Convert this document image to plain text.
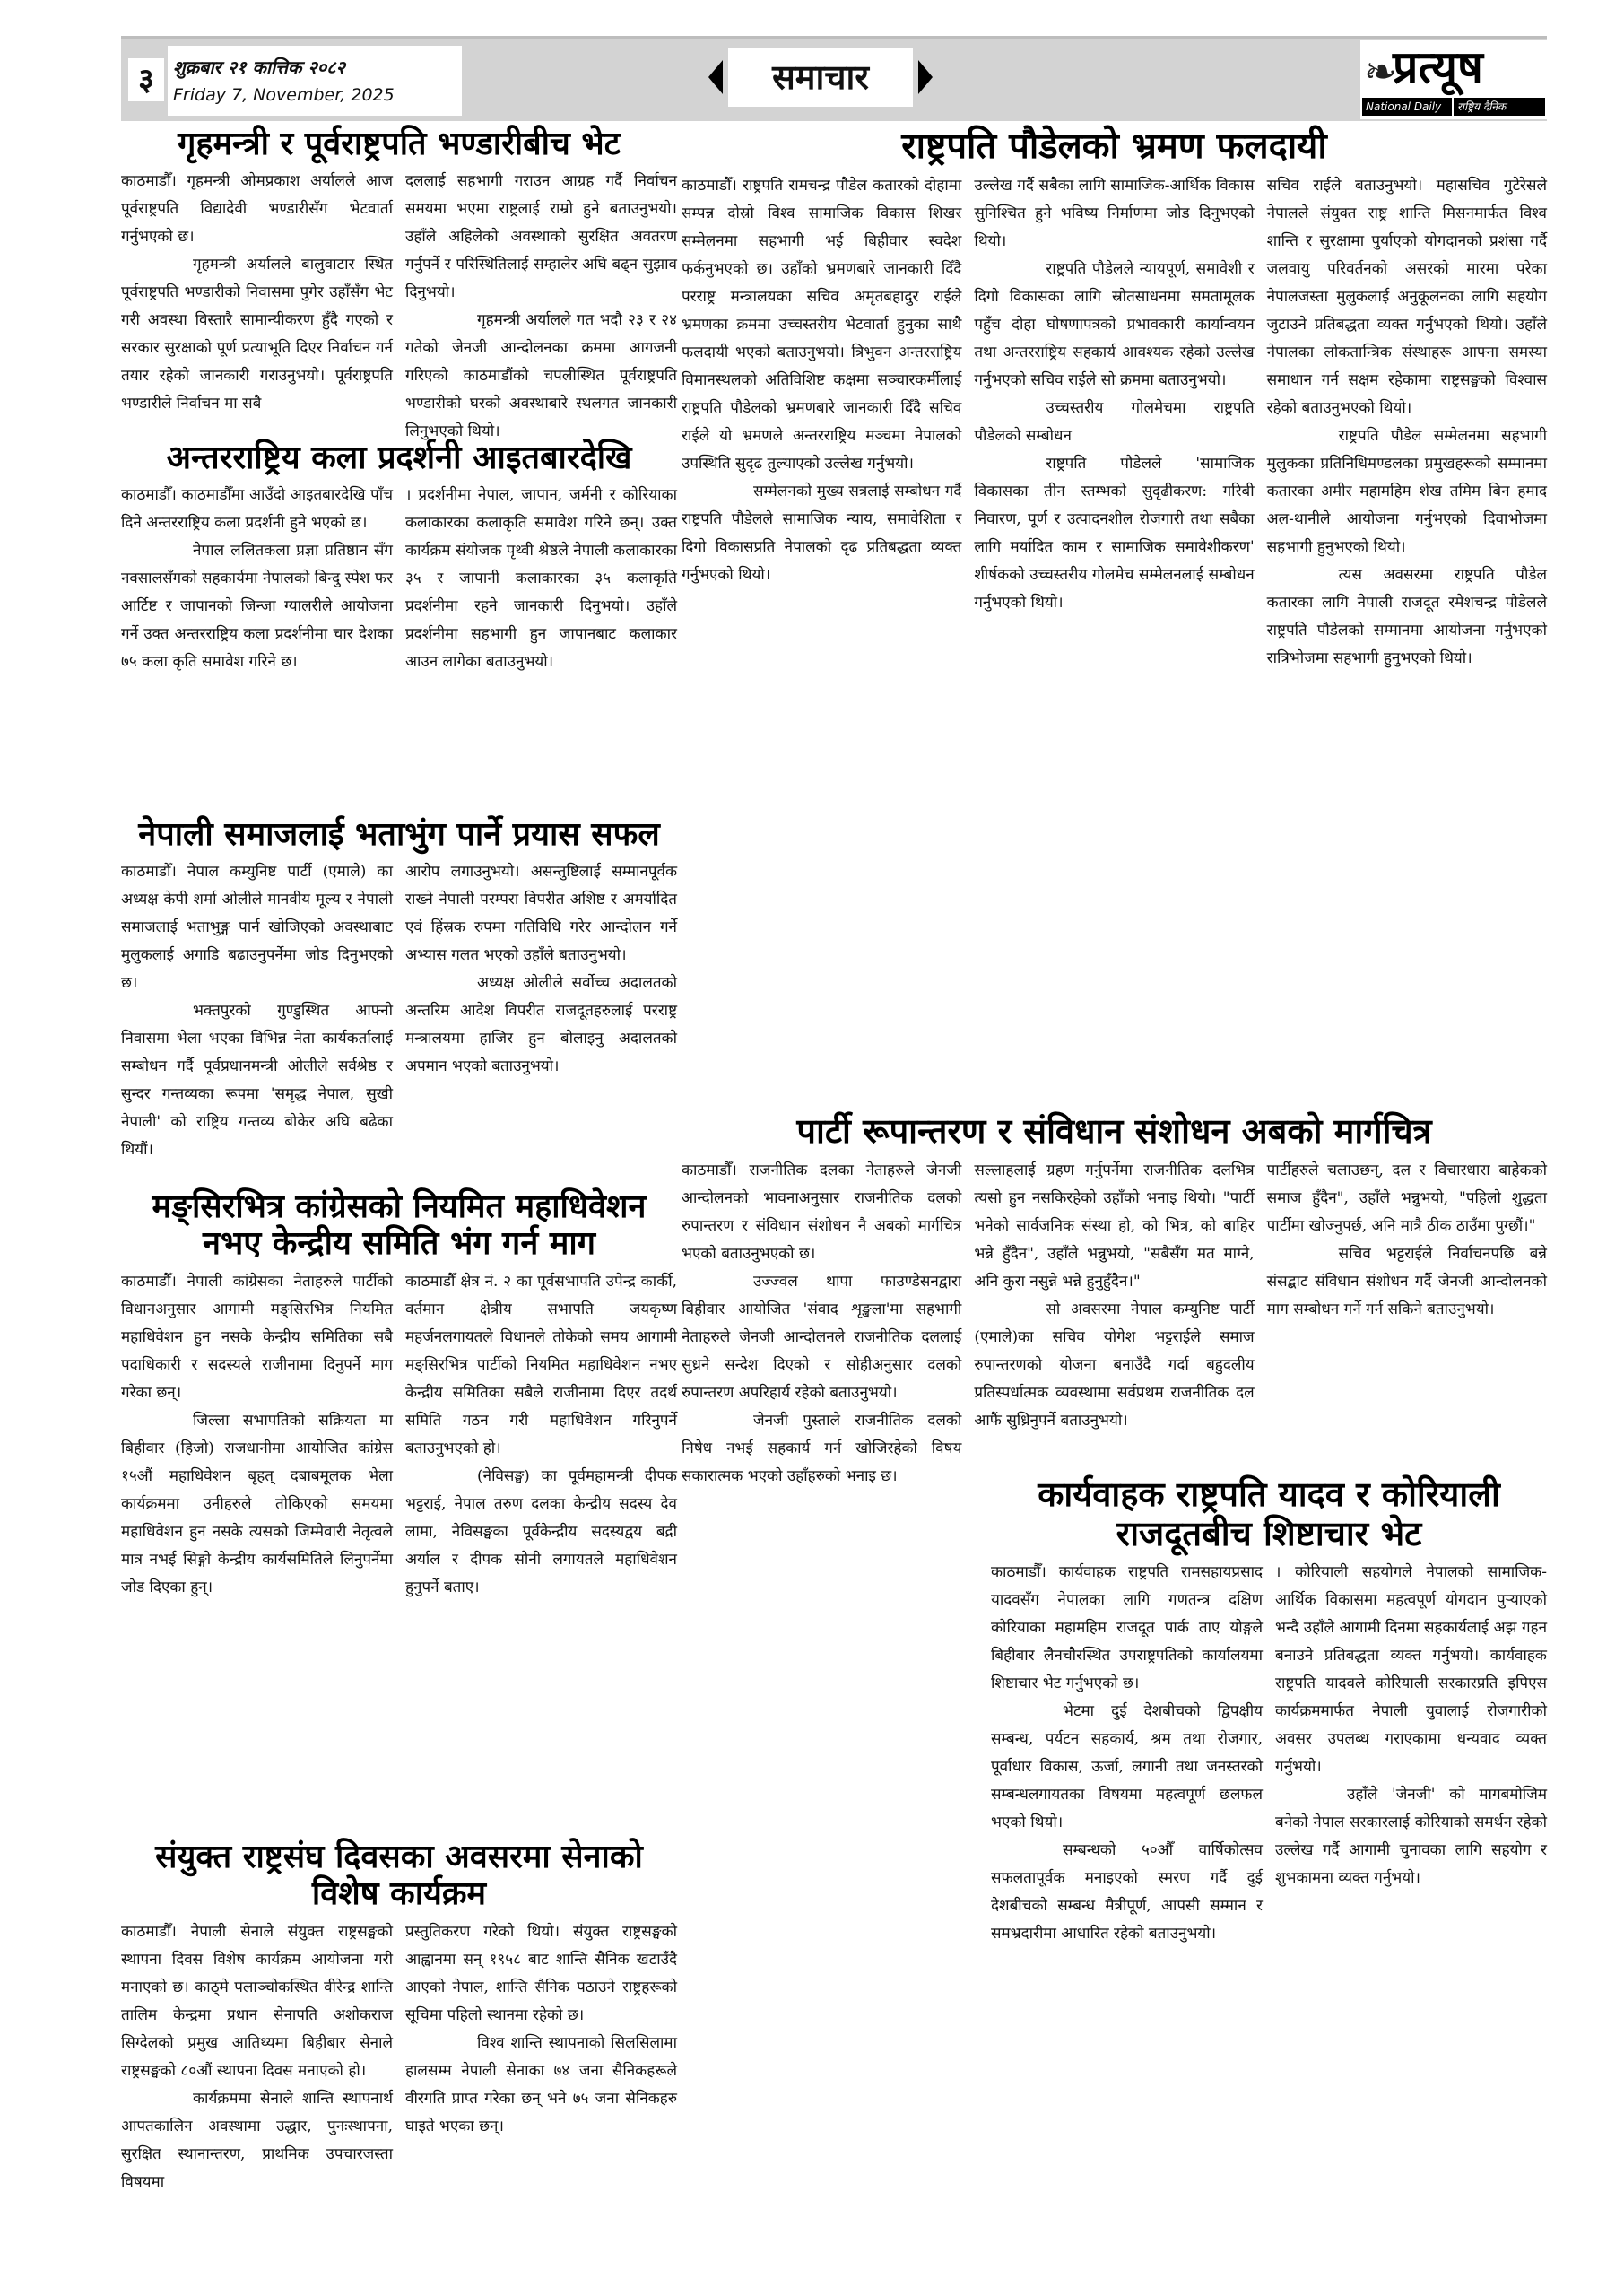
३	शुक्रबार २१ कात्तिक २०८२
Friday 7, November, 2025	समाचार	❧
प्रत्यूष
National Daily	राष्ट्रिय दैनिक
गृहमन्त्री र पूर्वराष्ट्रपति भण्डारीबीच भेट

काठमाडौँ। गृहमन्त्री ओमप्रकाश अर्यालले आज पूर्वराष्ट्रपति विद्यादेवी भण्डारीसँग भेटवार्ता गर्नुभएको छ।

गृहमन्त्री अर्यालले बालुवाटार स्थित पूर्वराष्ट्रपति भण्डारीको निवासमा पुगेर उहाँसँग भेट गरी अवस्था विस्तारै सामान्यीकरण हुँदै गएको र सरकार सुरक्षाको पूर्ण प्रत्याभूति दिएर निर्वाचन गर्न तयार रहेको जानकारी गराउनुभयो। पूर्वराष्ट्रपति भण्डारीले निर्वाचन मा सबै

दललाई सहभागी गराउन आग्रह गर्दै निर्वाचन समयमा भएमा राष्ट्रलाई राम्रो हुने बताउनुभयो। उहाँले अहिलेको अवस्थाको सुरक्षित अवतरण गर्नुपर्ने र परिस्थितिलाई सम्हालेर अघि बढ्न सुझाव दिनुभयो।

गृहमन्त्री अर्यालले गत भदौ २३ र २४ गतेको जेनजी आन्दोलनका क्रममा आगजनी गरिएको काठमाडौंको चपलीस्थित पूर्वराष्ट्रपति भण्डारीको घरको अवस्थाबारे स्थलगत जानकारी लिनुभएको थियो।

अन्तरराष्ट्रिय कला प्रदर्शनी आइतबारदेखि

काठमाडौँ। काठमाडौँमा आउँदो आइतबारदेखि पाँच दिने अन्तरराष्ट्रिय कला प्रदर्शनी हुने भएको छ।

नेपाल ललितकला प्रज्ञा प्रतिष्ठान सँग नक्सालसँगको सहकार्यमा नेपालको बिन्दु स्पेश फर आर्टिष्ट र जापानको जिन्जा ग्यालरीले आयोजना गर्ने उक्त अन्तरराष्ट्रिय कला प्रदर्शनीमा चार देशका ७५ कला कृति समावेश गरिने छ।

। प्रदर्शनीमा नेपाल, जापान, जर्मनी र कोरियाका कलाकारका कलाकृति समावेश गरिने छन्। उक्त कार्यक्रम संयोजक पृथ्वी श्रेष्ठले नेपाली कलाकारका ३५ र जापानी कलाकारका ३५ कलाकृति प्रदर्शनीमा रहने जानकारी दिनुभयो। उहाँले प्रदर्शनीमा सहभागी हुन जापानबाट कलाकार आउन लागेका बताउनुभयो।

नेपाली समाजलाई भताभुंग पार्ने प्रयास सफल

काठमाडौँ। नेपाल कम्युनिष्ट पार्टी (एमाले) का अध्यक्ष केपी शर्मा ओलीले मानवीय मूल्य र नेपाली समाजलाई भताभुङ्ग पार्न खोजिएको अवस्थाबाट मुलुकलाई अगाडि बढाउनुपर्नेमा जोड दिनुभएको छ।

भक्तपुरको गुण्डुस्थित आफ्नो निवासमा भेला भएका विभिन्न नेता कार्यकर्तालाई सम्बोधन गर्दै पूर्वप्रधानमन्त्री ओलीले सर्वश्रेष्ठ र सुन्दर गन्तव्यका रूपमा 'समृद्ध नेपाल, सुखी नेपाली' को राष्ट्रिय गन्तव्य बोकेर अघि बढेका थियौं।

आरोप लगाउनुभयो। असन्तुष्टिलाई सम्मानपूर्वक राख्ने नेपाली परम्परा विपरीत अशिष्ट र अमर्यादित एवं हिंस्रक रुपमा गतिविधि गरेर आन्दोलन गर्ने अभ्यास गलत भएको उहाँले बताउनुभयो।

अध्यक्ष ओलीले सर्वोच्च अदालतको अन्तरिम आदेश विपरीत राजदूतहरुलाई परराष्ट्र मन्त्रालयमा हाजिर हुन बोलाइनु अदालतको अपमान भएको बताउनुभयो।

मङ्सिरभित्र कांग्रेसको नियमित महाधिवेशन नभए केन्द्रीय समिति भंग गर्न माग

काठमाडौँ। नेपाली कांग्रेसका नेताहरुले पार्टीको विधानअनुसार आगामी मङ्सिरभित्र नियमित महाधिवेशन हुन नसके केन्द्रीय समितिका सबै पदाधिकारी र सदस्यले राजीनामा दिनुपर्ने माग गरेका छन्।

जिल्ला सभापतिको सक्रियता मा बिहीवार (हिजो) राजधानीमा आयोजित कांग्रेस १५औं महाधिवेशन बृहत् दबाबमूलक भेला कार्यक्रममा उनीहरुले तोकिएको समयमा महाधिवेशन हुन नसके त्यसको जिम्मेवारी नेतृत्वले मात्र नभई सिङ्गो केन्द्रीय कार्यसमितिले लिनुपर्नेमा जोड दिएका हुन्।

काठमाडौँ क्षेत्र नं. २ का पूर्वसभापति उपेन्द्र कार्की, वर्तमान क्षेत्रीय सभापति जयकृष्ण महर्जनलगायतले विधानले तोकेको समय आगामी मङ्सिरभित्र पार्टीको नियमित महाधिवेशन नभए केन्द्रीय समितिका सबैले राजीनामा दिएर तदर्थ समिति गठन गरी महाधिवेशन गरिनुपर्ने बताउनुभएको हो।

(नेविसङ्घ) का पूर्वमहामन्त्री दीपक भट्टराई, नेपाल तरुण दलका केन्द्रीय सदस्य देव लामा, नेविसङ्घका पूर्वकेन्द्रीय सदस्यद्वय बद्री अर्याल र दीपक सोनी लगायतले महाधिवेशन हुनुपर्ने बताए।

संयुक्त राष्ट्रसंघ दिवसका अवसरमा सेनाको विशेष कार्यक्रम

काठमाडौँ। नेपाली सेनाले संयुक्त राष्ट्रसङ्घको स्थापना दिवस विशेष कार्यक्रम आयोजना गरी मनाएको छ। काठ्मे पलाञ्चोकस्थित वीरेन्द्र शान्ति तालिम केन्द्रमा प्रधान सेनापति अशोकराज सिग्देलको प्रमुख आतिथ्यमा बिहीबार सेनाले राष्ट्रसङ्घको ८०औं स्थापना दिवस मनाएको हो।

कार्यक्रममा सेनाले शान्ति स्थापनार्थ आपतकालिन अवस्थामा उद्धार, पुनःस्थापना, सुरक्षित स्थानान्तरण, प्राथमिक उपचारजस्ता विषयमा

प्रस्तुतिकरण गरेको थियो। संयुक्त राष्ट्रसङ्घको आह्वानमा सन् १९५८ बाट शान्ति सैनिक खटाउँदै आएको नेपाल, शान्ति सैनिक पठाउने राष्ट्रहरूको सूचिमा पहिलो स्थानमा रहेको छ।

विश्व शान्ति स्थापनाको सिलसिलामा हालसम्म नेपाली सेनाका ७४ जना सैनिकहरूले वीरगति प्राप्त गरेका छन् भने ७५ जना सैनिकहरु घाइते भएका छन्।

राष्ट्रपति पौडेलको भ्रमण फलदायी

काठमाडौँ। राष्ट्रपति रामचन्द्र पौडेल कतारको दोहामा सम्पन्न दोस्रो विश्व सामाजिक विकास शिखर सम्मेलनमा सहभागी भई बिहीवार स्वदेश फर्कनुभएको छ। उहाँको भ्रमणबारे जानकारी दिँदै परराष्ट्र मन्त्रालयका सचिव अमृतबहादुर राईले भ्रमणका क्रममा उच्चस्तरीय भेटवार्ता हुनुका साथै फलदायी भएको बताउनुभयो। त्रिभुवन अन्तरराष्ट्रिय विमानस्थलको अतिविशिष्ट कक्षमा सञ्चारकर्मीलाई राष्ट्रपति पौडेलको भ्रमणबारे जानकारी दिँदै सचिव राईले यो भ्रमणले अन्तरराष्ट्रिय मञ्चमा नेपालको उपस्थिति सुदृढ तुल्याएको उल्लेख गर्नुभयो।

सम्मेलनको मुख्य सत्रलाई सम्बोधन गर्दै राष्ट्रपति पौडेलले सामाजिक न्याय, समावेशिता र दिगो विकासप्रति नेपालको दृढ प्रतिबद्धता व्यक्त गर्नुभएको थियो।

उल्लेख गर्दै सबैका लागि सामाजिक-आर्थिक विकास सुनिश्चित हुने भविष्य निर्माणमा जोड दिनुभएको थियो।

राष्ट्रपति पौडेलले न्यायपूर्ण, समावेशी र दिगो विकासका लागि स्रोतसाधनमा समतामूलक पहुँच दोहा घोषणापत्रको प्रभावकारी कार्यान्वयन तथा अन्तरराष्ट्रिय सहकार्य आवश्यक रहेको उल्लेख गर्नुभएको सचिव राईले सो क्रममा बताउनुभयो।

उच्चस्तरीय गोलमेचमा राष्ट्रपति पौडेलको सम्बोधन

राष्ट्रपति पौडेलले 'सामाजिक विकासका तीन स्तम्भको सुदृढीकरण: गरिबी निवारण, पूर्ण र उत्पादनशील रोजगारी तथा सबैका लागि मर्यादित काम र सामाजिक समावेशीकरण' शीर्षकको उच्चस्तरीय गोलमेच सम्मेलनलाई सम्बोधन गर्नुभएको थियो।

सचिव राईले बताउनुभयो। महासचिव गुटेरेसले नेपालले संयुक्त राष्ट्र शान्ति मिसनमार्फत विश्व शान्ति र सुरक्षामा पुर्याएको योगदानको प्रशंसा गर्दै जलवायु परिवर्तनको असरको मारमा परेका नेपालजस्ता मुलुकलाई अनुकूलनका लागि सहयोग जुटाउने प्रतिबद्धता व्यक्त गर्नुभएको थियो। उहाँले नेपालका लोकतान्त्रिक संस्थाहरू आफ्ना समस्या समाधान गर्न सक्षम रहेकामा राष्ट्रसङ्घको विश्वास रहेको बताउनुभएको थियो।

राष्ट्रपति पौडेल सम्मेलनमा सहभागी मुलुकका प्रतिनिधिमण्डलका प्रमुखहरूको सम्मानमा कतारका अमीर महामहिम शेख तमिम बिन हमाद अल-थानीले आयोजना गर्नुभएको दिवाभोजमा सहभागी हुनुभएको थियो।

त्यस अवसरमा राष्ट्रपति पौडेल कतारका लागि नेपाली राजदूत रमेशचन्द्र पौडेलले राष्ट्रपति पौडेलको सम्मानमा आयोजना गर्नुभएको रात्रिभोजमा सहभागी हुनुभएको थियो।

पार्टी रूपान्तरण र संविधान संशोधन अबको मार्गचित्र

काठमाडौँ। राजनीतिक दलका नेताहरुले जेनजी आन्दोलनको भावनाअनुसार राजनीतिक दलको रुपान्तरण र संविधान संशोधन नै अबको मार्गचित्र भएको बताउनुभएको छ।

उज्ज्वल थापा फाउण्डेसनद्वारा बिहीवार आयोजित 'संवाद शृङ्खला'मा सहभागी नेताहरुले जेनजी आन्दोलनले राजनीतिक दललाई सुध्रने सन्देश दिएको र सोहीअनुसार दलको रुपान्तरण अपरिहार्य रहेको बताउनुभयो।

जेनजी पुस्ताले राजनीतिक दलको निषेध नभई सहकार्य गर्न खोजिरहेको विषय सकारात्मक भएको उहाँहरुको भनाइ छ।

सल्लाहलाई ग्रहण गर्नुपर्नेमा राजनीतिक दलभित्र त्यसो हुन नसकिरहेको उहाँको भनाइ थियो। "पार्टी भनेको सार्वजनिक संस्था हो, को भित्र, को बाहिर भन्ने हुँदैन", उहाँले भन्नुभयो, "सबैसँग मत माग्ने, अनि कुरा नसुन्ने भन्ने हुनुहुँदैन।"

सो अवसरमा नेपाल कम्युनिष्ट पार्टी (एमाले)का सचिव योगेश भट्टराईले समाज रुपान्तरणको योजना बनाउँदै गर्दा बहुदलीय प्रतिस्पर्धात्मक व्यवस्थामा सर्वप्रथम राजनीतिक दल आफैं सुध्रिनुपर्ने बताउनुभयो।

पार्टीहरुले चलाउछन्, दल र विचारधारा बाहेकको समाज हुँदैन", उहाँले भन्नुभयो, "पहिलो शुद्धता पार्टीमा खोज्नुपर्छ, अनि मात्रै ठीक ठाउँमा पुग्छौं।"

सचिव भट्टराईले निर्वाचनपछि बन्ने संसद्बाट संविधान संशोधन गर्दै जेनजी आन्दोलनको माग सम्बोधन गर्ने गर्न सकिने बताउनुभयो।

कार्यवाहक राष्ट्रपति यादव र कोरियाली राजदूतबीच शिष्टाचार भेट

काठमाडौँ। कार्यवाहक राष्ट्रपति रामसहायप्रसाद यादवसँग नेपालका लागि गणतन्त्र दक्षिण कोरियाका महामहिम राजदूत पार्क ताए योङ्गले बिहीबार लैनचौरस्थित उपराष्ट्रपतिको कार्यालयमा शिष्टाचार भेट गर्नुभएको छ।

भेटमा दुई देशबीचको द्विपक्षीय सम्बन्ध, पर्यटन सहकार्य, श्रम तथा रोजगार, पूर्वाधार विकास, ऊर्जा, लगानी तथा जनस्तरको सम्बन्धलगायतका विषयमा महत्वपूर्ण छलफल भएको थियो।

सम्बन्धको ५०औँ वार्षिकोत्सव सफलतापूर्वक मनाइएको स्मरण गर्दै दुई देशबीचको सम्बन्ध मैत्रीपूर्ण, आपसी सम्मान र समभ्रदारीमा आधारित रहेको बताउनुभयो।

। कोरियाली सहयोगले नेपालको सामाजिक-आर्थिक विकासमा महत्वपूर्ण योगदान पुऱ्याएको भन्दै उहाँले आगामी दिनमा सहकार्यलाई अझ गहन बनाउने प्रतिबद्धता व्यक्त गर्नुभयो। कार्यवाहक राष्ट्रपति यादवले कोरियाली सरकारप्रति इपिएस कार्यक्रममार्फत नेपाली युवालाई रोजगारीको अवसर उपलब्ध गराएकामा धन्यवाद व्यक्त गर्नुभयो।

उहाँले 'जेनजी' को मागबमोजिम बनेको नेपाल सरकारलाई कोरियाको समर्थन रहेको उल्लेख गर्दै आगामी चुनावका लागि सहयोग र शुभकामना व्यक्त गर्नुभयो।
